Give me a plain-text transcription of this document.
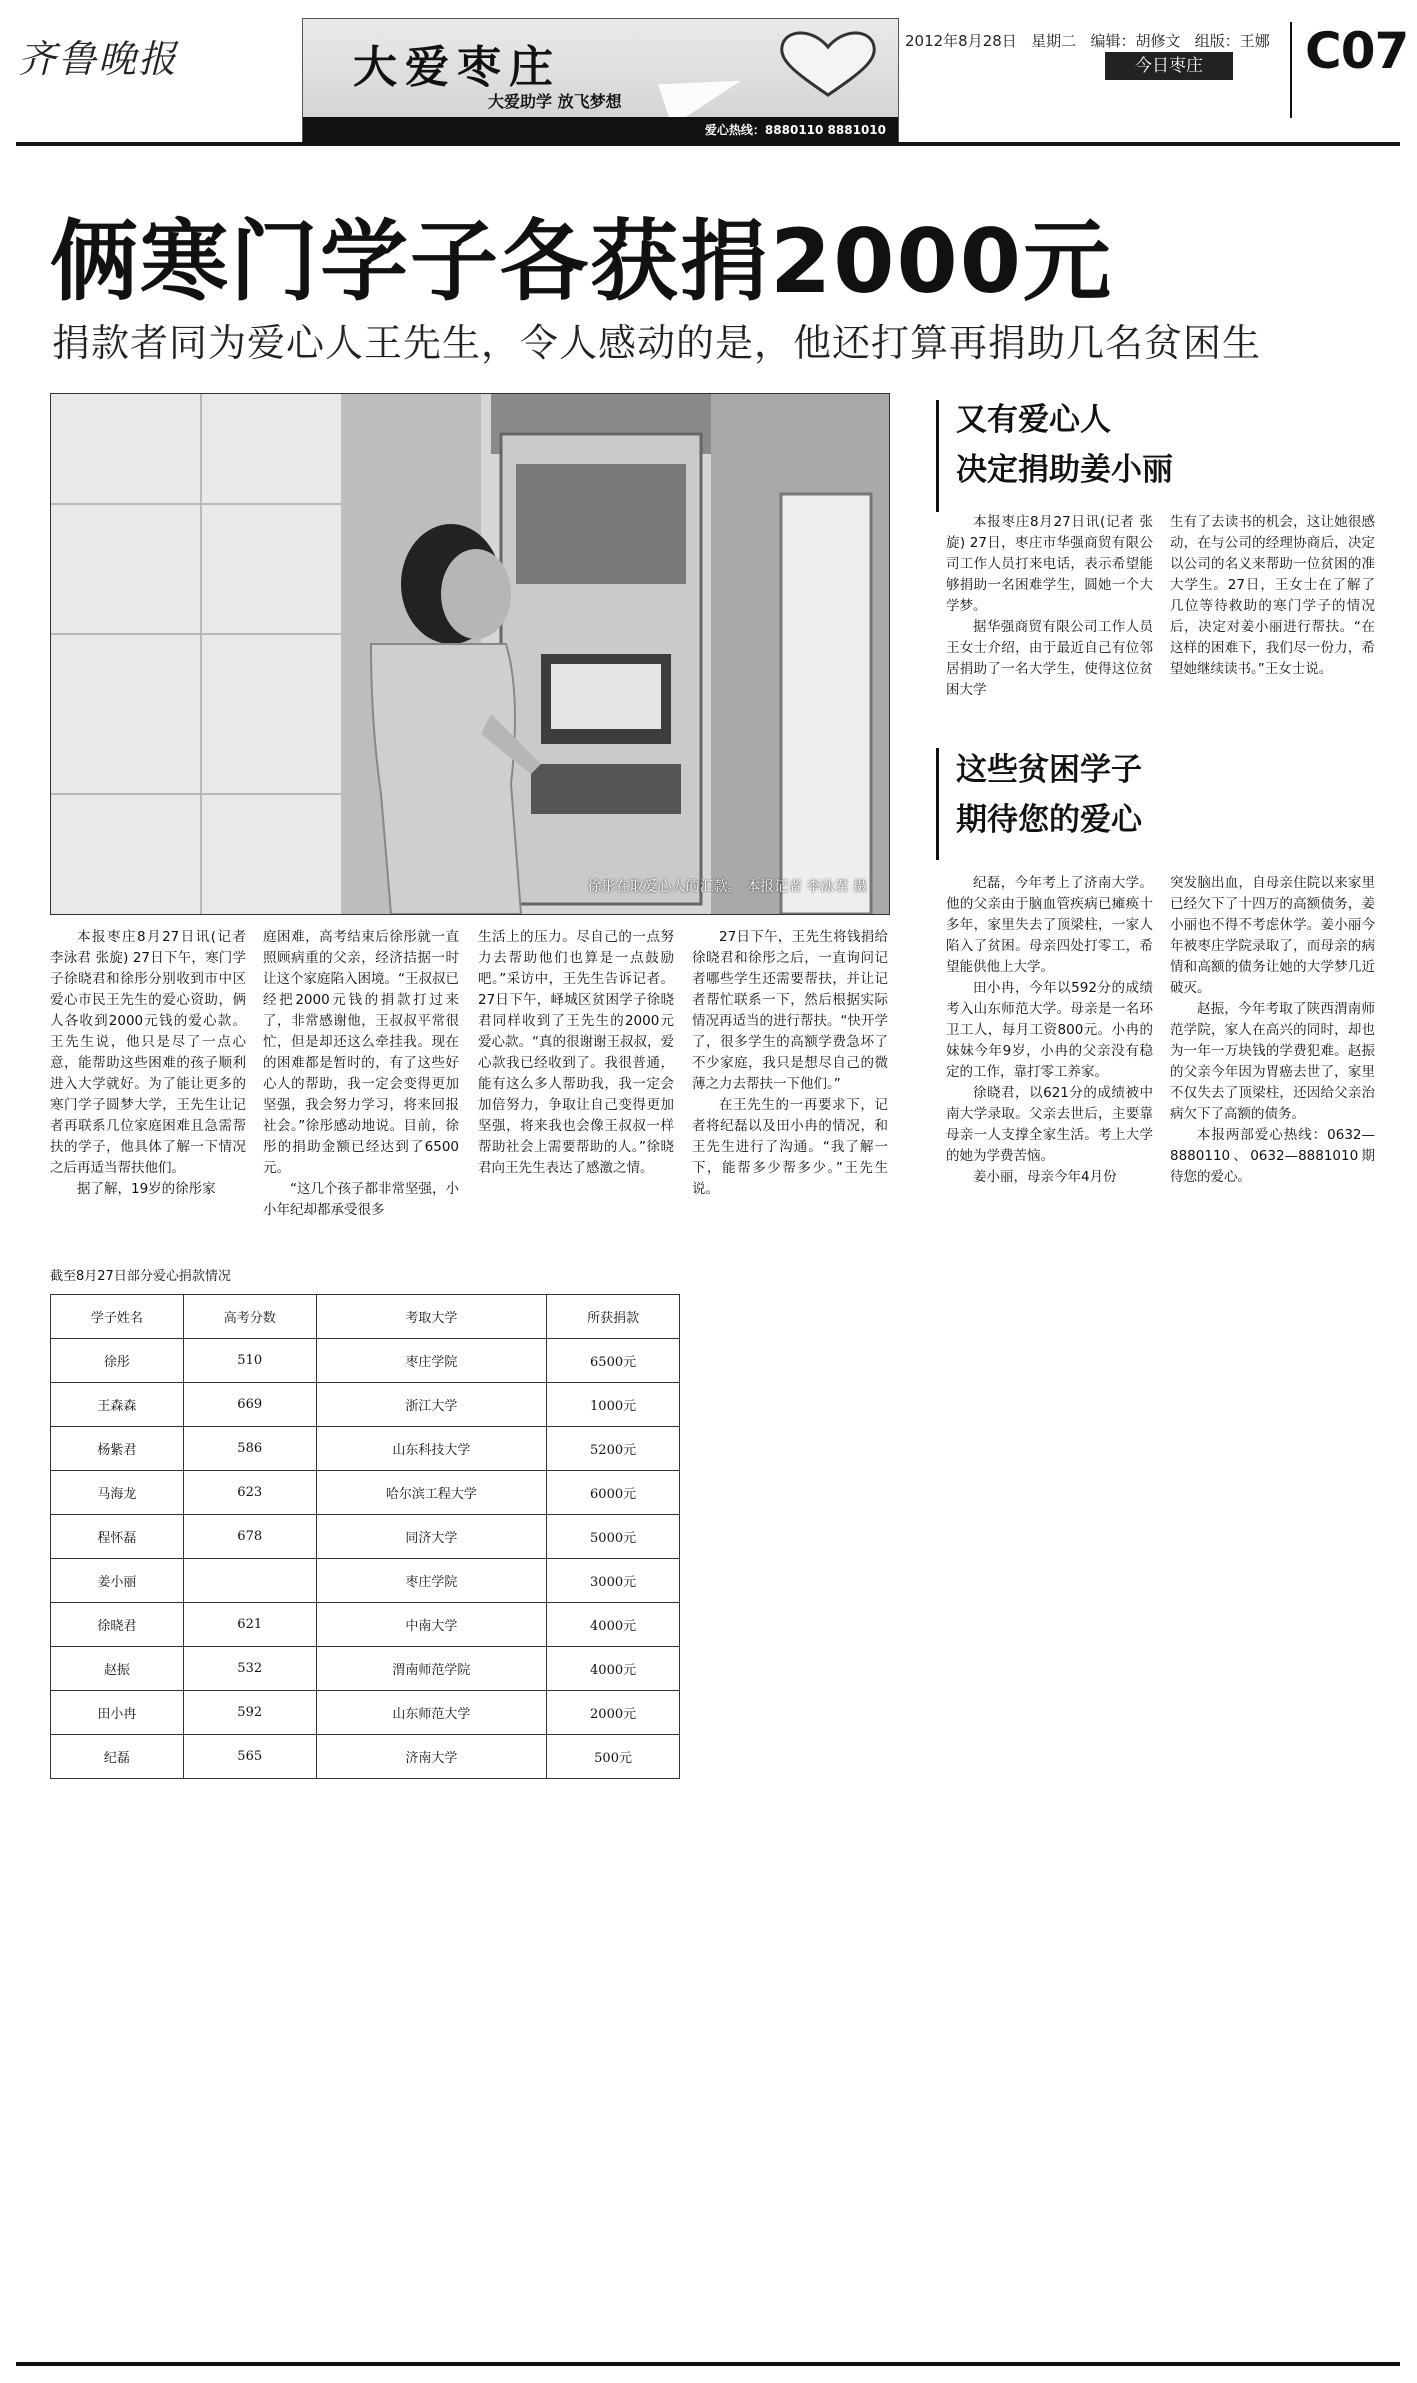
齐鲁晚报	大爱枣庄
大爱助学 放飞梦想
爱心热线：8880110 8881010
2012年8月28日 星期二 编辑：胡修文 组版：王娜
今日枣庄	C07
俩寒门学子各获捐2000元
捐款者同为爱心人王先生，令人感动的是，他还打算再捐助几名贫困生
徐彤在取爱心人的汇款。 本报记者 李泳君 摄

本报枣庄8月27日讯(记者 李泳君 张旋) 27日下午，寒门学子徐晓君和徐彤分别收到市中区爱心市民王先生的爱心资助，俩人各收到2000元钱的爱心款。王先生说，他只是尽了一点心意，能帮助这些困难的孩子顺利进入大学就好。为了能让更多的寒门学子圆梦大学，王先生让记者再联系几位家庭困难且急需帮扶的学子，他具体了解一下情况之后再适当帮扶他们。

据了解，19岁的徐彤家

庭困难，高考结束后徐彤就一直照顾病重的父亲，经济拮据一时让这个家庭陷入困境。“王叔叔已经把2000元钱的捐款打过来了，非常感谢他，王叔叔平常很忙，但是却还这么牵挂我。现在的困难都是暂时的，有了这些好心人的帮助，我一定会变得更加坚强，我会努力学习，将来回报社会。”徐彤感动地说。目前，徐彤的捐助金额已经达到了6500元。

“这几个孩子都非常坚强，小小年纪却都承受很多

生活上的压力。尽自己的一点努力去帮助他们也算是一点鼓励吧。”采访中，王先生告诉记者。27日下午，峄城区贫困学子徐晓君同样收到了王先生的2000元爱心款。“真的很谢谢王叔叔，爱心款我已经收到了。我很普通，能有这么多人帮助我，我一定会加倍努力，争取让自己变得更加坚强，将来我也会像王叔叔一样帮助社会上需要帮助的人。”徐晓君向王先生表达了感激之情。

27日下午，王先生将钱捐给徐晓君和徐彤之后，一直询问记者哪些学生还需要帮扶，并让记者帮忙联系一下，然后根据实际情况再适当的进行帮扶。“快开学了，很多学生的高额学费急坏了不少家庭，我只是想尽自己的微薄之力去帮扶一下他们。”

在王先生的一再要求下，记者将纪磊以及田小冉的情况，和王先生进行了沟通。“我了解一下，能帮多少帮多少。”王先生说。

又有爱心人
决定捐助姜小丽

本报枣庄8月27日讯(记者 张旋) 27日，枣庄市华强商贸有限公司工作人员打来电话，表示希望能够捐助一名困难学生，圆她一个大学梦。

据华强商贸有限公司工作人员王女士介绍，由于最近自己有位邻居捐助了一名大学生，使得这位贫困大学

生有了去读书的机会，这让她很感动，在与公司的经理协商后，决定以公司的名义来帮助一位贫困的准大学生。27日，王女士在了解了几位等待救助的寒门学子的情况后，决定对姜小丽进行帮扶。“在这样的困难下，我们尽一份力，希望她继续读书。”王女士说。

这些贫困学子
期待您的爱心

纪磊，今年考上了济南大学。他的父亲由于脑血管疾病已瘫痪十多年，家里失去了顶梁柱，一家人陷入了贫困。母亲四处打零工，希望能供他上大学。

田小冉，今年以592分的成绩考入山东师范大学。母亲是一名环卫工人，每月工资800元。小冉的妹妹今年9岁，小冉的父亲没有稳定的工作，靠打零工养家。

徐晓君，以621分的成绩被中南大学录取。父亲去世后，主要靠母亲一人支撑全家生活。考上大学的她为学费苦恼。

姜小丽，母亲今年4月份

突发脑出血，自母亲住院以来家里已经欠下了十四万的高额债务，姜小丽也不得不考虑休学。姜小丽今年被枣庄学院录取了，而母亲的病情和高额的债务让她的大学梦几近破灭。

赵振，今年考取了陕西渭南师范学院，家人在高兴的同时，却也为一年一万块钱的学费犯难。赵振的父亲今年因为胃癌去世了，家里不仅失去了顶梁柱，还因给父亲治病欠下了高额的债务。

本报两部爱心热线：0632—8880110、0632—8881010期待您的爱心。

截至8月27日部分爱心捐款情况
学子姓名	高考分数	考取大学	所获捐款
徐彤	510	枣庄学院	6500元
王森森	669	浙江大学	1000元
杨紫君	586	山东科技大学	5200元
马海龙	623	哈尔滨工程大学	6000元
程怀磊	678	同济大学	5000元
姜小丽		枣庄学院	3000元
徐晓君	621	中南大学	4000元
赵振	532	渭南师范学院	4000元
田小冉	592	山东师范大学	2000元
纪磊	565	济南大学	500元
